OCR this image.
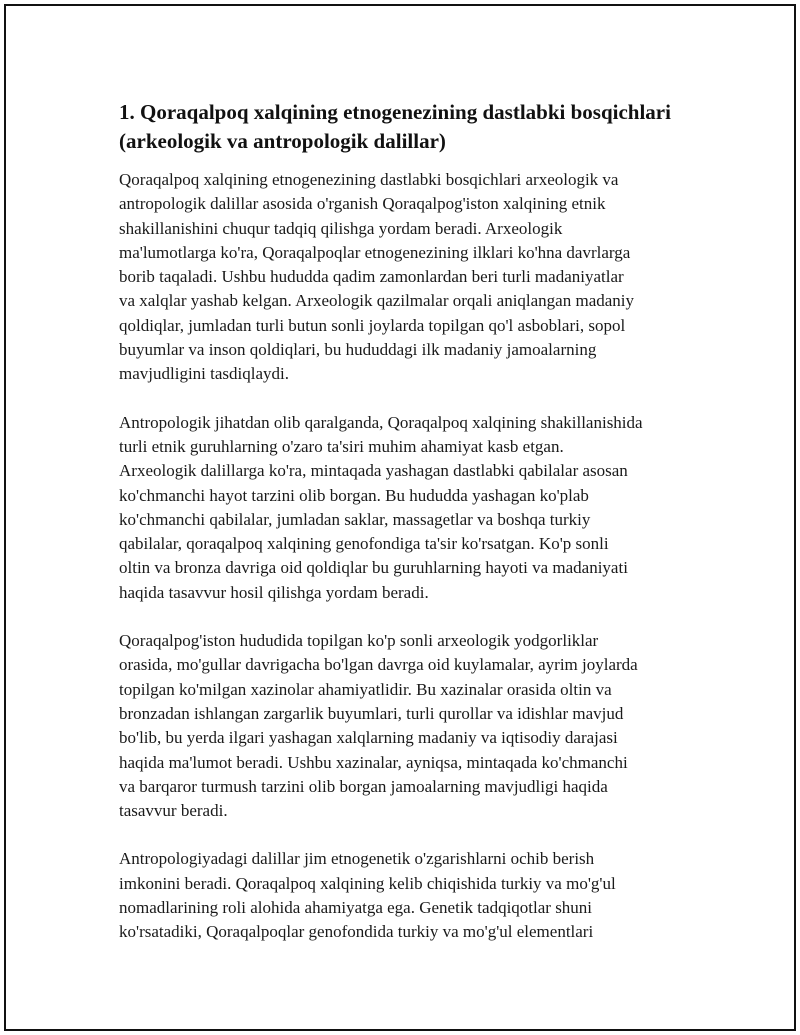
1. Qoraqalpoq xalqining etnogenezining dastlabki bosqichlari
(arkeologik va antropologik dalillar)

Qoraqalpoq xalqining etnogenezining dastlabki bosqichlari arxeologik va
antropologik dalillar asosida o'rganish Qoraqalpog'iston xalqining etnik
shakillanishini chuqur tadqiq qilishga yordam beradi. Arxeologik
ma'lumotlarga ko'ra, Qoraqalpoqlar etnogenezining ilklari ko'hna davrlarga
borib taqaladi. Ushbu hududda qadim zamonlardan beri turli madaniyatlar
va xalqlar yashab kelgan. Arxeologik qazilmalar orqali aniqlangan madaniy
qoldiqlar, jumladan turli butun sonli joylarda topilgan qo'l asboblari, sopol
buyumlar va inson qoldiqlari, bu hududdagi ilk madaniy jamoalarning
mavjudligini tasdiqlaydi.

Antropologik jihatdan olib qaralganda, Qoraqalpoq xalqining shakillanishida
turli etnik guruhlarning o'zaro ta'siri muhim ahamiyat kasb etgan.
Arxeologik dalillarga ko'ra, mintaqada yashagan dastlabki qabilalar asosan
ko'chmanchi hayot tarzini olib borgan. Bu hududda yashagan ko'plab
ko'chmanchi qabilalar, jumladan saklar, massagetlar va boshqa turkiy
qabilalar, qoraqalpoq xalqining genofondiga ta'sir ko'rsatgan. Ko'p sonli
oltin va bronza davriga oid qoldiqlar bu guruhlarning hayoti va madaniyati
haqida tasavvur hosil qilishga yordam beradi.

Qoraqalpog'iston hududida topilgan ko'p sonli arxeologik yodgorliklar
orasida, mo'gullar davrigacha bo'lgan davrga oid kuylamalar, ayrim joylarda
topilgan ko'milgan xazinolar ahamiyatlidir. Bu xazinalar orasida oltin va
bronzadan ishlangan zargarlik buyumlari, turli qurollar va idishlar mavjud
bo'lib, bu yerda ilgari yashagan xalqlarning madaniy va iqtisodiy darajasi
haqida ma'lumot beradi. Ushbu xazinalar, ayniqsa, mintaqada ko'chmanchi
va barqaror turmush tarzini olib borgan jamoalarning mavjudligi haqida
tasavvur beradi.

Antropologiyadagi dalillar jim etnogenetik o'zgarishlarni ochib berish
imkonini beradi. Qoraqalpoq xalqining kelib chiqishida turkiy va mo'g'ul
nomadlarining roli alohida ahamiyatga ega. Genetik tadqiqotlar shuni
ko'rsatadiki, Qoraqalpoqlar genofondida turkiy va mo'g'ul elementlari
